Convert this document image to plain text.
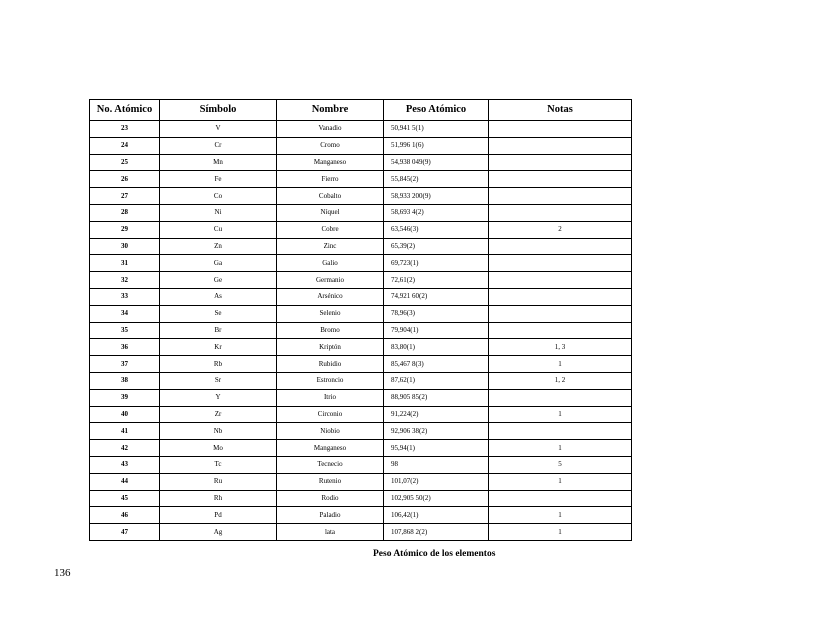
No. Atómico	Símbolo	Nombre	Peso Atómico	Notas
23	V	Vanadio	50,941 5(1)	
24	Cr	Cromo	51,996 1(6)	
25	Mn	Manganeso	54,938 049(9)	
26	Fe	Fierro	55,845(2)	
27	Co	Cobalto	58,933 200(9)	
28	Ni	Níquel	58,693 4(2)	
29	Cu	Cobre	63,546(3)	2
30	Zn	Zinc	65,39(2)	
31	Ga	Galio	69,723(1)	
32	Ge	Germanio	72,61(2)	
33	As	Arsénico	74,921 60(2)	
34	Se	Selenio	78,96(3)	
35	Br	Bromo	79,904(1)	
36	Kr	Kriptón	83,80(1)	1, 3
37	Rb	Rubidio	85,467 8(3)	1
38	Sr	Estroncio	87,62(1)	1, 2
39	Y	Itrio	88,905 85(2)	
40	Zr	Circonio	91,224(2)	1
41	Nb	Niobio	92,906 38(2)	
42	Mo	Manganeso	95,94(1)	1
43	Tc	Tecnecio	98	5
44	Ru	Rutenio	101,07(2)	1
45	Rh	Rodio	102,905 50(2)	
46	Pd	Paladio	106,42(1)	1
47	Ag	lata	107,868 2(2)	1
Peso Atómico de los elementos
136
